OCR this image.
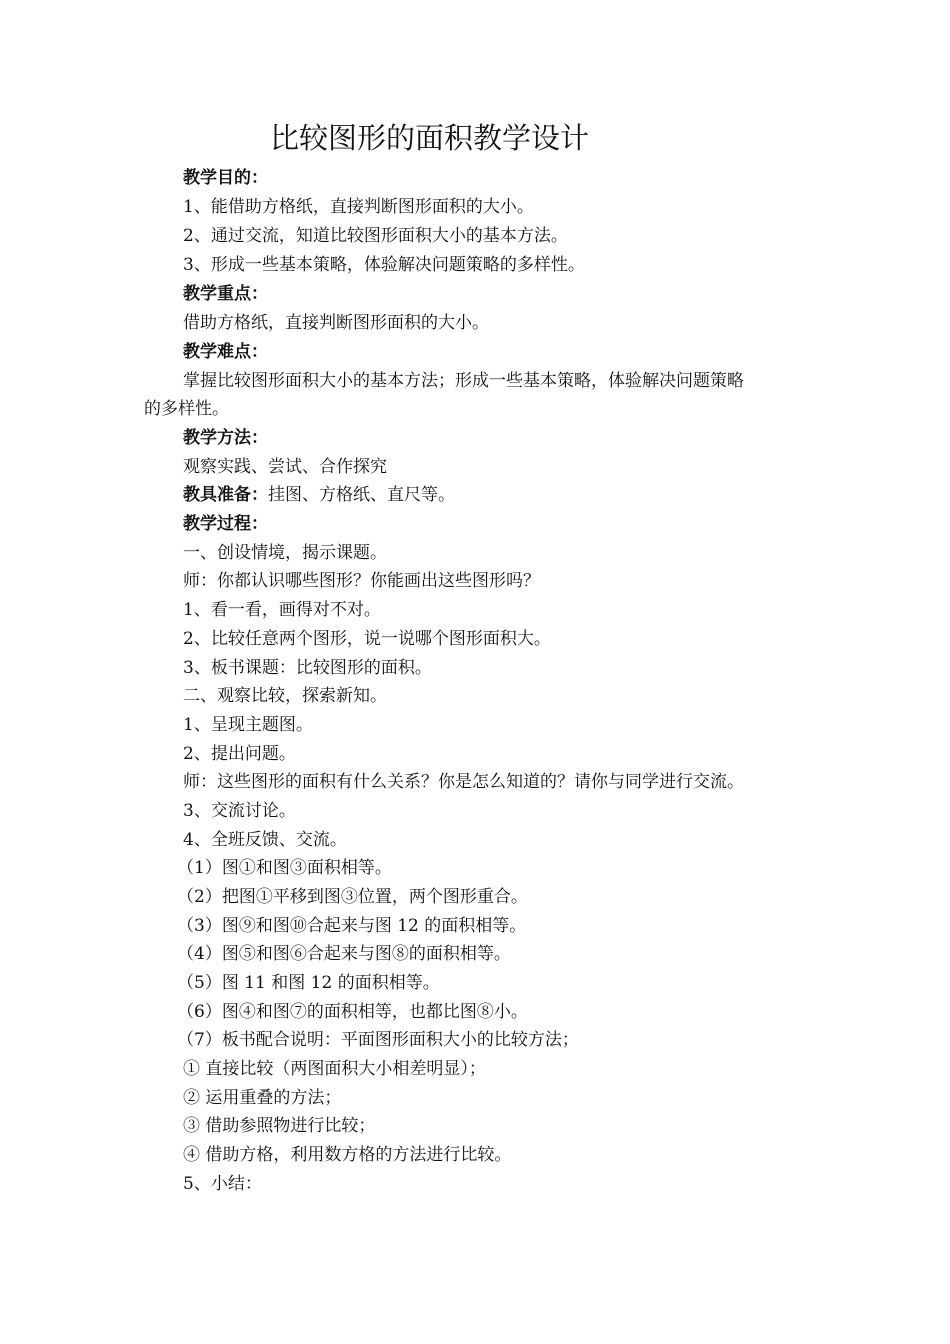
比较图形的面积教学设计
教学目的：
1、能借助方格纸，直接判断图形面积的大小。
2、通过交流，知道比较图形面积大小的基本方法。
3、形成一些基本策略，体验解决问题策略的多样性。
教学重点：
借助方格纸，直接判断图形面积的大小。
教学难点：
掌握比较图形面积大小的基本方法；形成一些基本策略，体验解决问题策略
的多样性。
教学方法：
观察实践、尝试、合作探究
教具准备：挂图、方格纸、直尺等。
教学过程：
一、创设情境，揭示课题。
师：你都认识哪些图形？你能画出这些图形吗？
1、看一看，画得对不对。
2、比较任意两个图形，说一说哪个图形面积大。
3、板书课题：比较图形的面积。
二、观察比较，探索新知。
1、呈现主题图。
2、提出问题。
师：这些图形的面积有什么关系？你是怎么知道的？请你与同学进行交流。
3、交流讨论。
4、全班反馈、交流。
（1）图①和图③面积相等。
（2）把图①平移到图③位置，两个图形重合。
（3）图⑨和图⑩合起来与图 12 的面积相等。
（4）图⑤和图⑥合起来与图⑧的面积相等。
（5）图 11 和图 12 的面积相等。
（6）图④和图⑦的面积相等，也都比图⑧小。
（7）板书配合说明：平面图形面积大小的比较方法；
① 直接比较（两图面积大小相差明显）；
② 运用重叠的方法；
③ 借助参照物进行比较；
④ 借助方格，利用数方格的方法进行比较。
5、小结：
